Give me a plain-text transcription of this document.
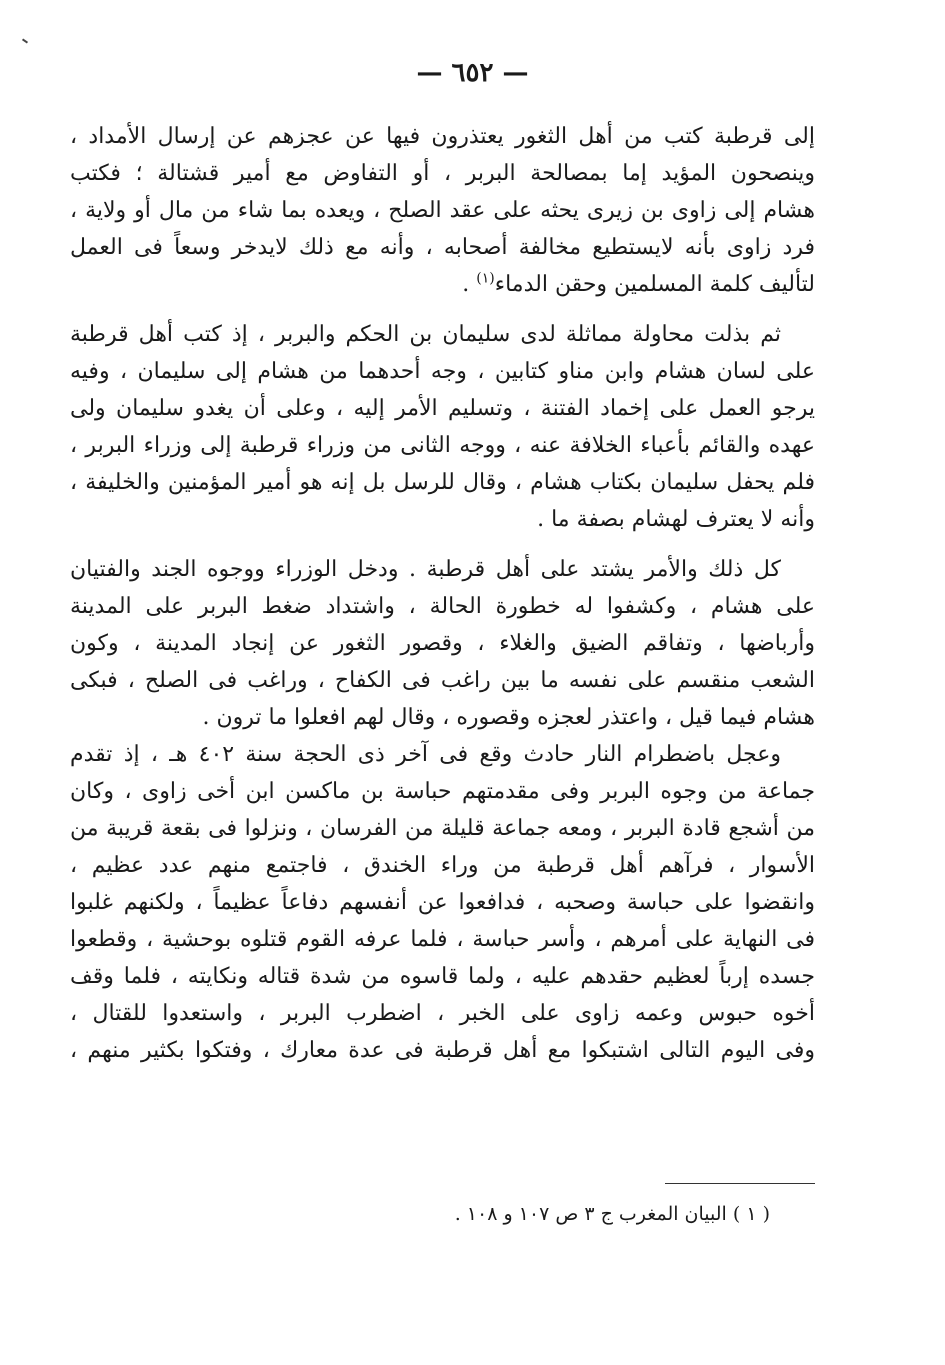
— ٦٥٢ —
إلى قرطبة كتب من أهل الثغور يعتذرون فيها عن عجزهم عن إرسال الأمداد ،
وينصحون المؤيد إما بمصالحة البربر ، أو التفاوض مع أمير قشتالة ؛ فكتب
هشام إلى زاوى بن زيرى يحثه على عقد الصلح ، ويعده بما شاء من مال أو ولاية ،
فرد زاوى بأنه لايستطيع مخالفة أصحابه ، وأنه مع ذلك لايدخر وسعاً فى العمل
لتأليف كلمة المسلمين وحقن الدماء$^{(١)}$ .
ثم بذلت محاولة مماثلة لدى سليمان بن الحكم والبربر ، إذ كتب أهل قرطبة
على لسان هشام وابن مناو كتابين ، وجه أحدهما من هشام إلى سليمان ، وفيه
يرجو العمل على إخماد الفتنة ، وتسليم الأمر إليه ، وعلى أن يغدو سليمان ولى
عهده والقائم بأعباء الخلافة عنه ، ووجه الثانى من وزراء قرطبة إلى وزراء البربر ،
فلم يحفل سليمان بكتاب هشام ، وقال للرسل بل إنه هو أمير المؤمنين والخليفة ،
وأنه لا يعترف لهشام بصفة ما .
كل ذلك والأمر يشتد على أهل قرطبة . ودخل الوزراء ووجوه الجند والفتيان
على هشام ، وكشفوا له خطورة الحالة ، واشتداد ضغط البربر على المدينة
وأرباضها ، وتفاقم الضيق والغلاء ، وقصور الثغور عن إنجاد المدينة ، وكون
الشعب منقسم على نفسه ما بين راغب فى الكفاح ، وراغب فى الصلح ، فبكى
هشام فيما قيل ، واعتذر لعجزه وقصوره ، وقال لهم افعلوا ما ترون .
وعجل باضطرام النار حادث وقع فى آخر ذى الحجة سنة ٤٠٢ هـ ، إذ تقدم
جماعة من وجوه البربر وفى مقدمتهم حباسة بن ماكسن ابن أخى زاوى ، وكان
من أشجع قادة البربر ، ومعه جماعة قليلة من الفرسان ، ونزلوا فى بقعة قريبة من
الأسوار ، فرآهم أهل قرطبة من وراء الخندق ، فاجتمع منهم عدد عظيم ،
وانقضوا على حباسة وصحبه ، فدافعوا عن أنفسهم دفاعاً عظيماً ، ولكنهم غلبوا
فى النهاية على أمرهم ، وأسر حباسة ، فلما عرفه القوم قتلوه بوحشية ، وقطعوا
جسده إرباً لعظيم حقدهم عليه ، ولما قاسوه من شدة قتاله ونكايته ، فلما وقف
أخوه حبوس وعمه زاوى على الخبر ، اضطرب البربر ، واستعدوا للقتال ،
وفى اليوم التالى اشتبكوا مع أهل قرطبة فى عدة معارك ، وفتكوا بكثير منهم ،
( ١ ) البيان المغرب ج ٣ ص ١٠٧ و ١٠٨ .
